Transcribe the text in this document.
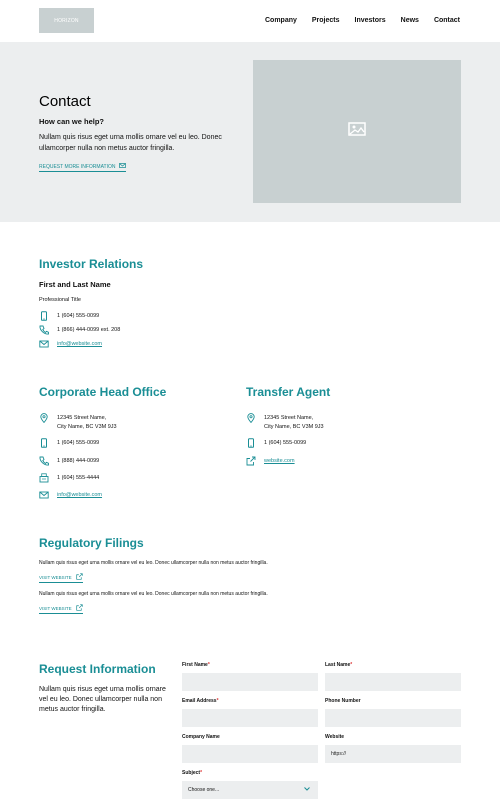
HORIZON	Company Projects Investors News Contact
Contact
How can we help?
Nullam quis risus eget urna mollis ornare vel eu leo. Donec ullamcorper nulla non metus auctor fringilla.
REQUEST MORE INFORMATION
Investor Relations
First and Last Name
Professional Title
1 (604) 555-0099
1 (866) 444-0099 ext. 208
info@website.com
Corporate Head Office
12345 Street Name,
City Name, BC V3M 9J3
1 (604) 555-0099
1 (888) 444-0099
1 (604) 555-4444
info@website.com
Transfer Agent
12345 Street Name,
City Name, BC V3M 9J3
1 (604) 555-0099
website.com
Regulatory Filings
Nullam quis risus eget urna mollis ornare vel eu leo. Donec ullamcorper nulla non metus auctor fringilla.
VISIT WEBSITE
Nullam quis risus eget urna mollis ornare vel eu leo. Donec ullamcorper nulla non metus auctor fringilla.
VISIT WEBSITE
Request Information
Nullam quis risus eget urna mollis ornare vel eu leo. Donec ullamcorper nulla non metus auctor fringilla.
First Name*	Last Name*
Email Address*	Phone Number
Company Name	Website
https://
Subject*
Choose one...
